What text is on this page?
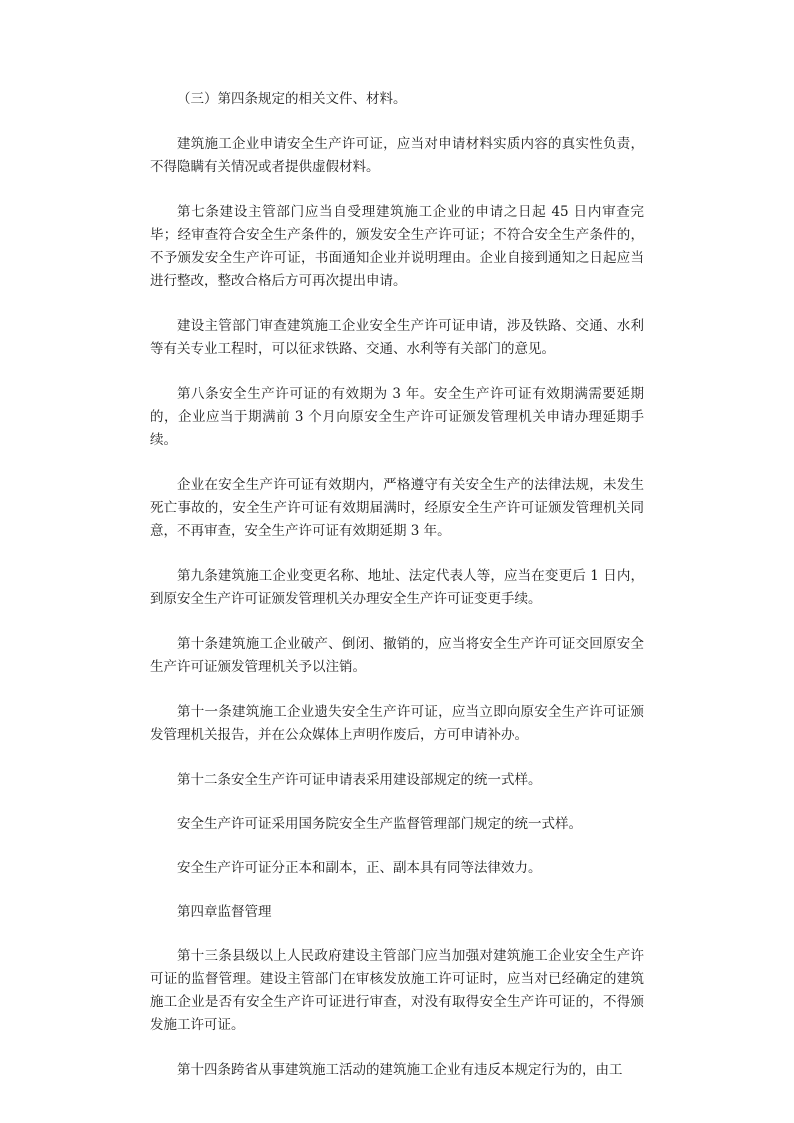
（三）第四条规定的相关文件、材料。

建筑施工企业申请安全生产许可证，应当对申请材料实质内容的真实性负责，不得隐瞒有关情况或者提供虚假材料。

第七条建设主管部门应当自受理建筑施工企业的申请之日起 45 日内审查完毕；经审查符合安全生产条件的，颁发安全生产许可证；不符合安全生产条件的，不予颁发安全生产许可证，书面通知企业并说明理由。企业自接到通知之日起应当进行整改，整改合格后方可再次提出申请。

建设主管部门审查建筑施工企业安全生产许可证申请，涉及铁路、交通、水利等有关专业工程时，可以征求铁路、交通、水利等有关部门的意见。

第八条安全生产许可证的有效期为 3 年。安全生产许可证有效期满需要延期的，企业应当于期满前 3 个月向原安全生产许可证颁发管理机关申请办理延期手续。

企业在安全生产许可证有效期内，严格遵守有关安全生产的法律法规，未发生死亡事故的，安全生产许可证有效期届满时，经原安全生产许可证颁发管理机关同意，不再审查，安全生产许可证有效期延期 3 年。

第九条建筑施工企业变更名称、地址、法定代表人等，应当在变更后 1 日内，到原安全生产许可证颁发管理机关办理安全生产许可证变更手续。

第十条建筑施工企业破产、倒闭、撤销的，应当将安全生产许可证交回原安全生产许可证颁发管理机关予以注销。

第十一条建筑施工企业遗失安全生产许可证，应当立即向原安全生产许可证颁发管理机关报告，并在公众媒体上声明作废后，方可申请补办。

第十二条安全生产许可证申请表采用建设部规定的统一式样。

安全生产许可证采用国务院安全生产监督管理部门规定的统一式样。

安全生产许可证分正本和副本，正、副本具有同等法律效力。

第四章监督管理

第十三条县级以上人民政府建设主管部门应当加强对建筑施工企业安全生产许可证的监督管理。建设主管部门在审核发放施工许可证时，应当对已经确定的建筑施工企业是否有安全生产许可证进行审查，对没有取得安全生产许可证的，不得颁发施工许可证。

第十四条跨省从事建筑施工活动的建筑施工企业有违反本规定行为的，由工
